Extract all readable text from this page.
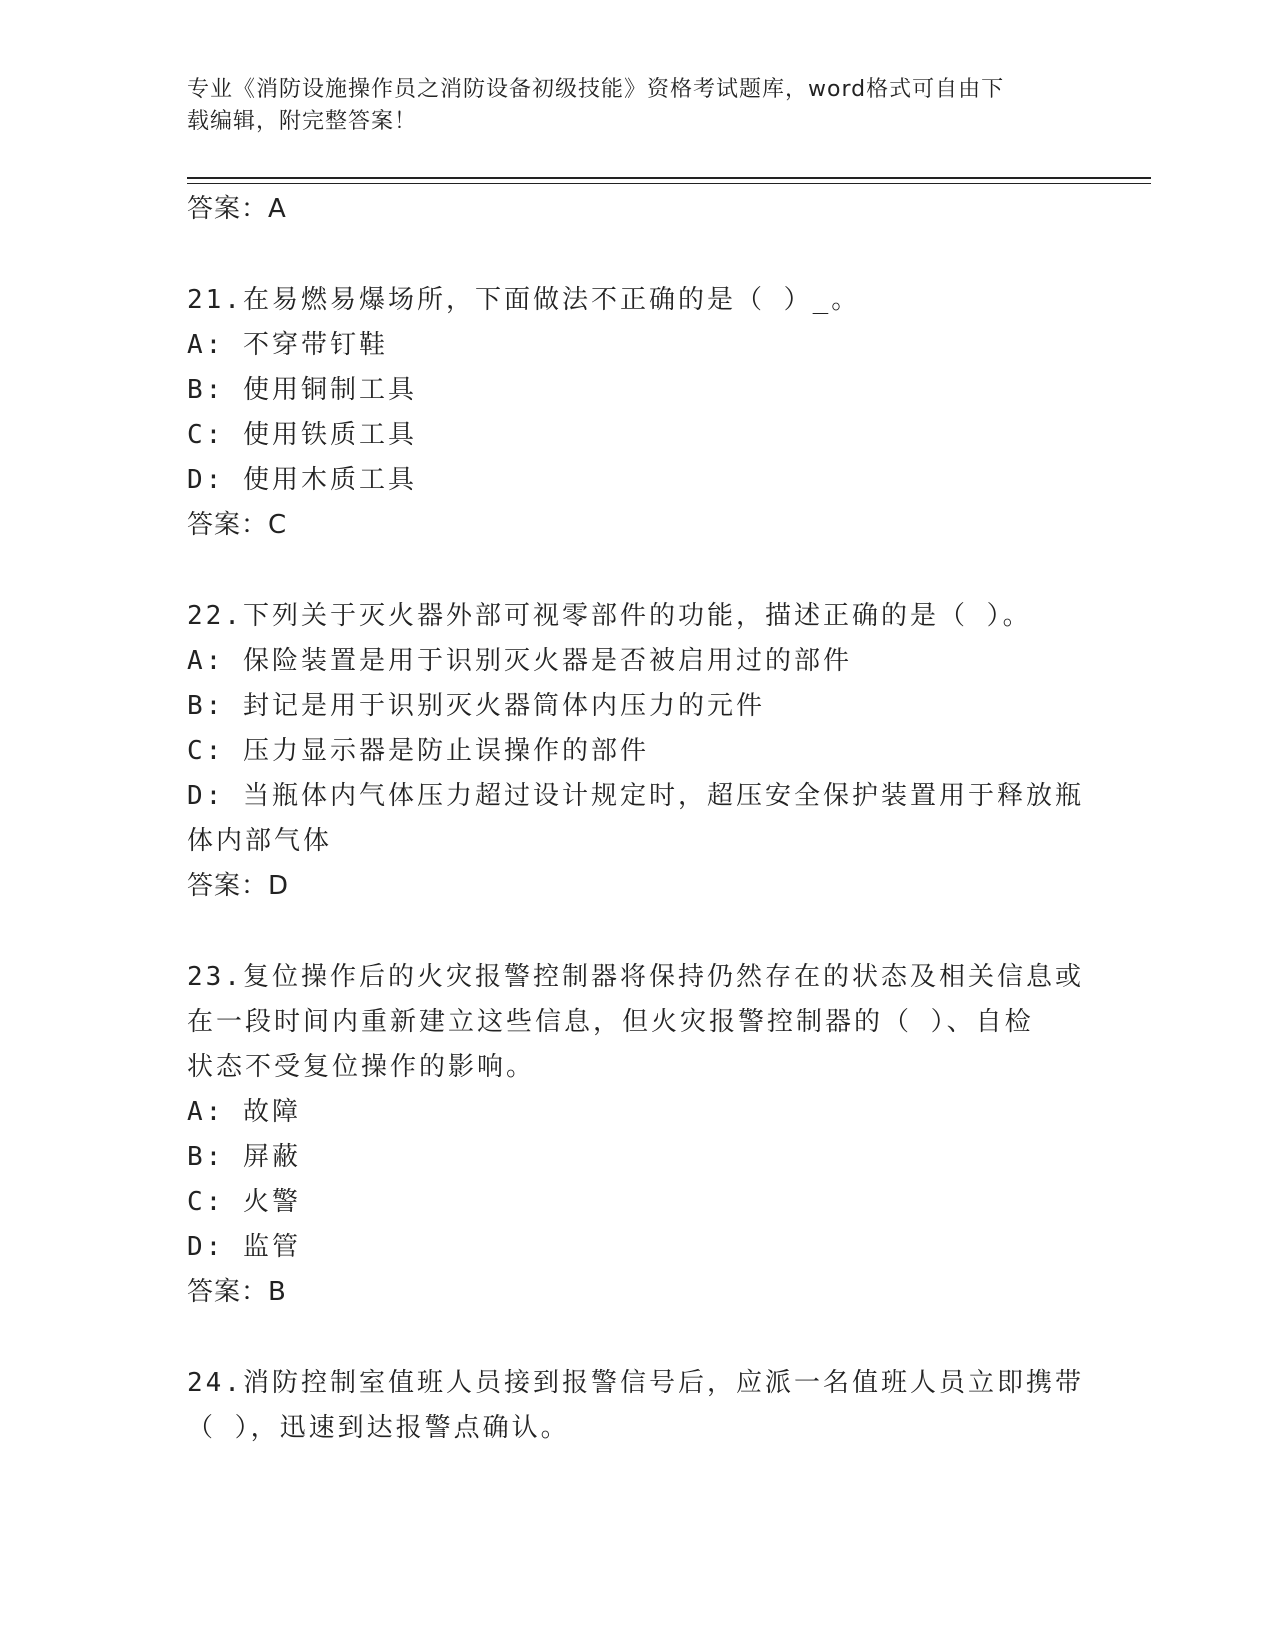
专业《消防设施操作员之消防设备初级技能》资格考试题库，word格式可自由下
载编辑，附完整答案！
答案：A
21.在易燃易爆场所，下面做法不正确的是（ ）_。
A: 不穿带钉鞋
B: 使用铜制工具
C: 使用铁质工具
D: 使用木质工具
答案：C
22.下列关于灭火器外部可视零部件的功能，描述正确的是（ ）。
A: 保险装置是用于识别灭火器是否被启用过的部件
B: 封记是用于识别灭火器筒体内压力的元件
C: 压力显示器是防止误操作的部件
D: 当瓶体内气体压力超过设计规定时，超压安全保护装置用于释放瓶
体内部气体
答案：D
23.复位操作后的火灾报警控制器将保持仍然存在的状态及相关信息或
在一段时间内重新建立这些信息，但火灾报警控制器的（ ）、自检
状态不受复位操作的影响。
A: 故障
B: 屏蔽
C: 火警
D: 监管
答案：B
24.消防控制室值班人员接到报警信号后，应派一名值班人员立即携带
（ ），迅速到达报警点确认。
